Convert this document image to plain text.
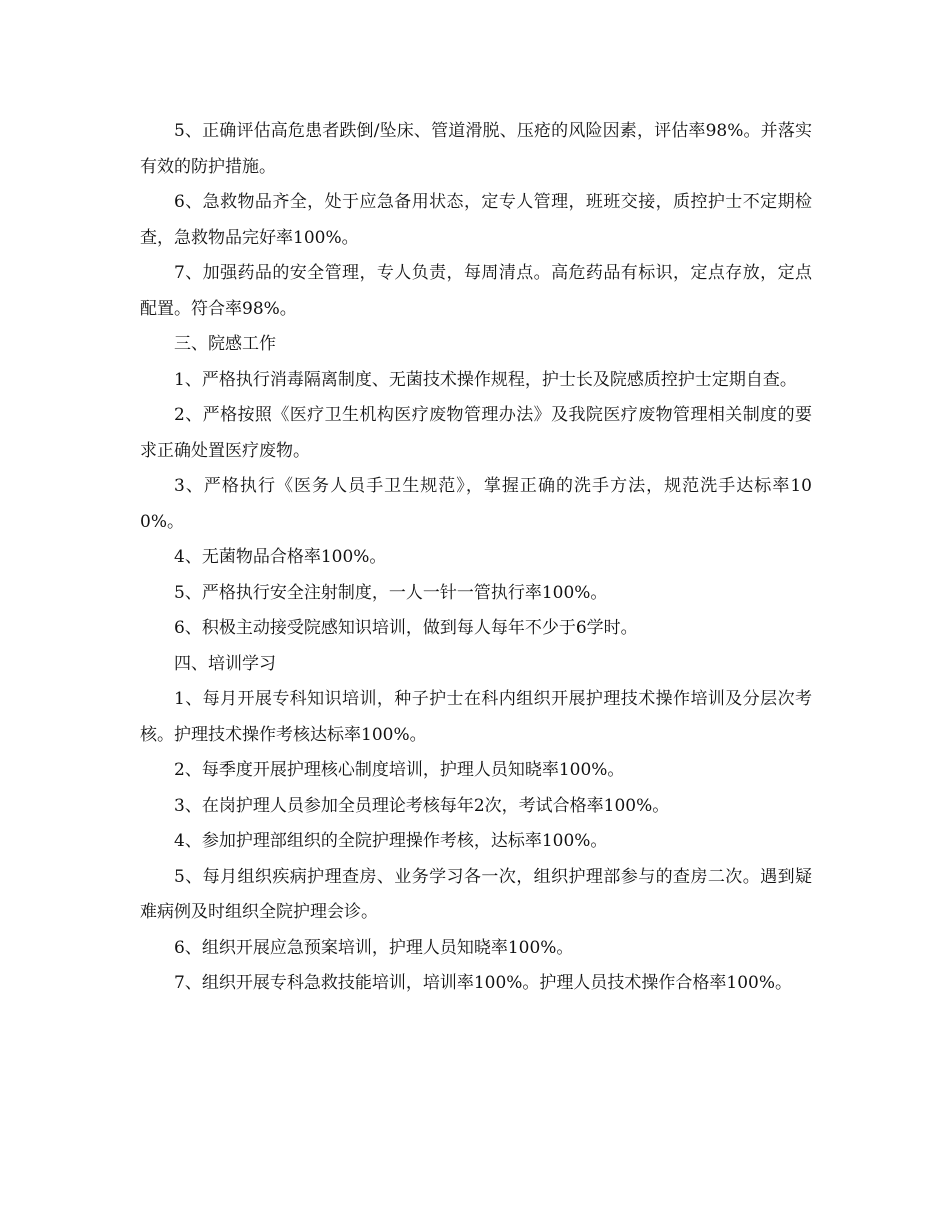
5、正确评估高危患者跌倒/坠床、管道滑脱、压疮的风险因素，评估率98%。并落实有效的防护措施。

6、急救物品齐全，处于应急备用状态，定专人管理，班班交接，质控护士不定期检查，急救物品完好率100%。

7、加强药品的安全管理，专人负责，每周清点。高危药品有标识，定点存放，定点配置。符合率98%。

三、院感工作

1、严格执行消毒隔离制度、无菌技术操作规程，护士长及院感质控护士定期自查。

2、严格按照《医疗卫生机构医疗废物管理办法》及我院医疗废物管理相关制度的要求正确处置医疗废物。

3、严格执行《医务人员手卫生规范》，掌握正确的洗手方法，规范洗手达标率100%。

4、无菌物品合格率100%。

5、严格执行安全注射制度，一人一针一管执行率100%。

6、积极主动接受院感知识培训，做到每人每年不少于6学时。

四、培训学习

1、每月开展专科知识培训，种子护士在科内组织开展护理技术操作培训及分层次考核。护理技术操作考核达标率100%。

2、每季度开展护理核心制度培训，护理人员知晓率100%。

3、在岗护理人员参加全员理论考核每年2次，考试合格率100%。

4、参加护理部组织的全院护理操作考核，达标率100%。

5、每月组织疾病护理查房、业务学习各一次，组织护理部参与的查房二次。遇到疑难病例及时组织全院护理会诊。

6、组织开展应急预案培训，护理人员知晓率100%。

7、组织开展专科急救技能培训，培训率100%。护理人员技术操作合格率100%。
